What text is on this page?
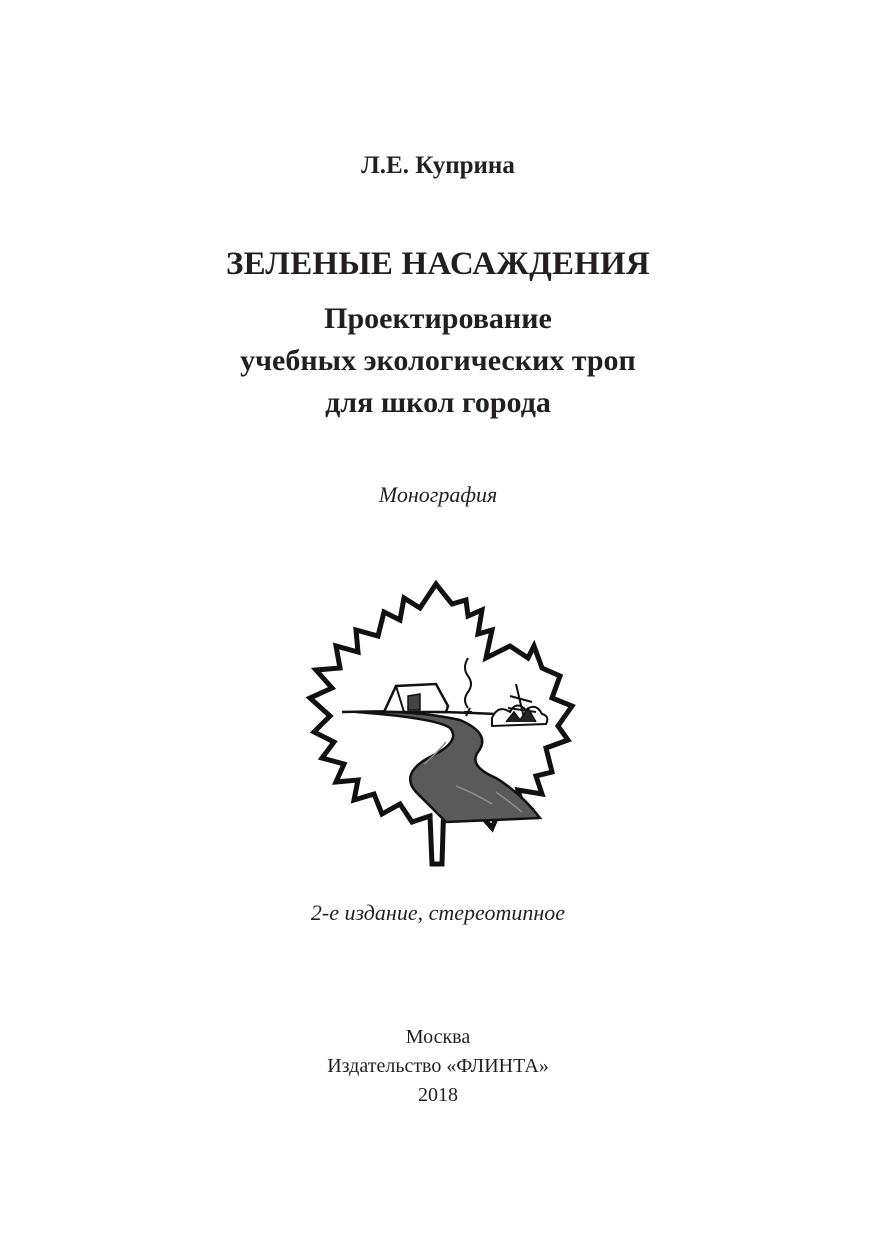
Л.Е. Куприна
ЗЕЛЕНЫЕ НАСАЖДЕНИЯ
Проектирование
учебных экологических троп
для школ города
Монография
2-е издание, стереотипное
Москва
Издательство «ФЛИНТА»
2018
